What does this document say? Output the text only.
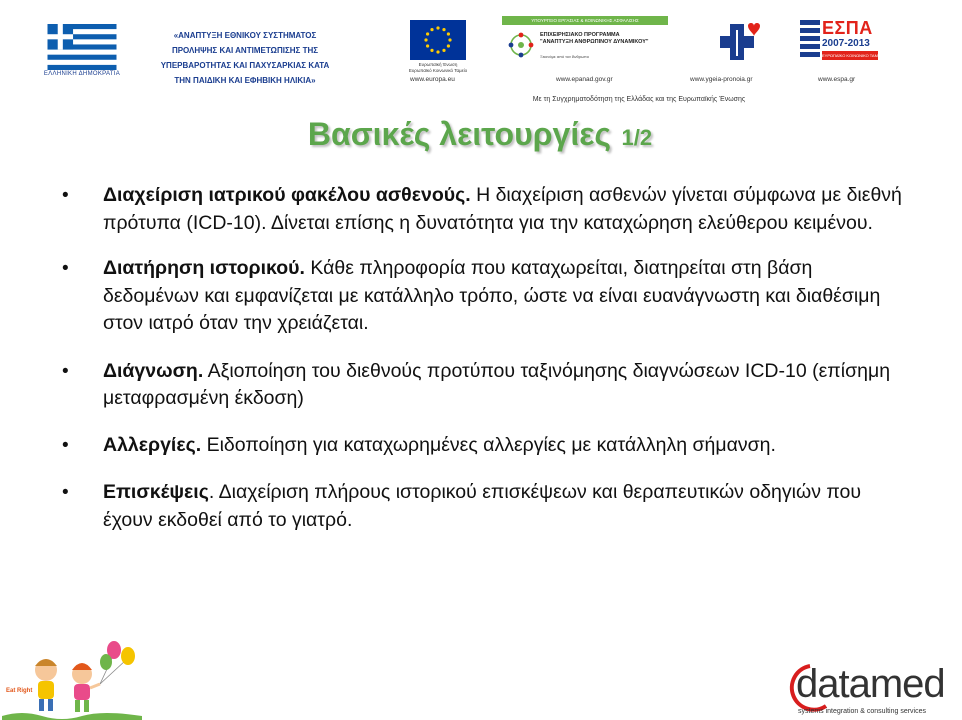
ΕΛΛΗΝΙΚΗ ΔΗΜΟΚΡΑΤΙΑ
«ΑΝΑΠΤΥΞΗ ΕΘΝΙΚΟΥ ΣΥΣΤΗΜΑΤΟΣ
ΠΡΟΛΗΨΗΣ ΚΑΙ ΑΝΤΙΜΕΤΩΠΙΣΗΣ ΤΗΣ
ΥΠΕΡΒΑΡΟΤΗΤΑΣ ΚΑΙ ΠΑΧΥΣΑΡΚΙΑΣ ΚΑΤΑ
ΤΗΝ ΠΑΙΔΙΚΗ ΚΑΙ ΕΦΗΒΙΚΗ ΗΛΙΚΙΑ»
Ευρωπαϊκή Ένωση
Ευρωπαϊκό Κοινωνικό Ταμείο
ΥΠΟΥΡΓΕΙΟ ΕΡΓΑΣΙΑΣ & ΚΟΙΝΩΝΙΚΗΣ ΑΣΦΑΛΙΣΗΣ
ΕΠΙΧΕΙΡΗΣΙΑΚΟ ΠΡΟΓΡΑΜΜΑ
"ΑΝΑΠΤΥΞΗ ΑΝΘΡΩΠΙΝΟΥ ΔΥΝΑΜΙΚΟΥ"
Ξεκινάμε από τον Άνθρωπο
ΕΣΠΑ
2007-2013
ΕΥΡΩΠΑΪΚΟ ΚΟΙΝΩΝΙΚΟ ΤΑΜΕΙΟ
www.europa.eu	www.epanad.gov.gr	www.ygeia-pronoia.gr	www.espa.gr
Με τη Συγχρηματοδότηση της Ελλάδας και της Ευρωπαϊκής Ένωσης
Βασικές λειτουργίες 1/2
• Διαχείριση ιατρικού φακέλου ασθενούς. Η διαχείριση ασθενών γίνεται σύμφωνα με διεθνή πρότυπα (ICD-10). Δίνεται επίσης η δυνατότητα για την καταχώρηση ελεύθερου κειμένου.
• Διατήρηση ιστορικού. Κάθε πληροφορία που καταχωρείται, διατηρείται στη βάση δεδομένων και εμφανίζεται με κατάλληλο τρόπο, ώστε να είναι ευανάγνωστη και διαθέσιμη στον ιατρό όταν την χρειάζεται.
• Διάγνωση. Αξιοποίηση του διεθνούς προτύπου ταξινόμησης διαγνώσεων ICD-10 (επίσημη μεταφρασμένη έκδοση)
• Αλλεργίες. Ειδοποίηση για καταχωρημένες αλλεργίες με κατάλληλη σήμανση.
• Επισκέψεις. Διαχείριση πλήρους ιστορικού επισκέψεων και θεραπευτικών οδηγιών που έχουν εκδοθεί από το γιατρό.
Eat Right	datamed
systems integration & consulting services
